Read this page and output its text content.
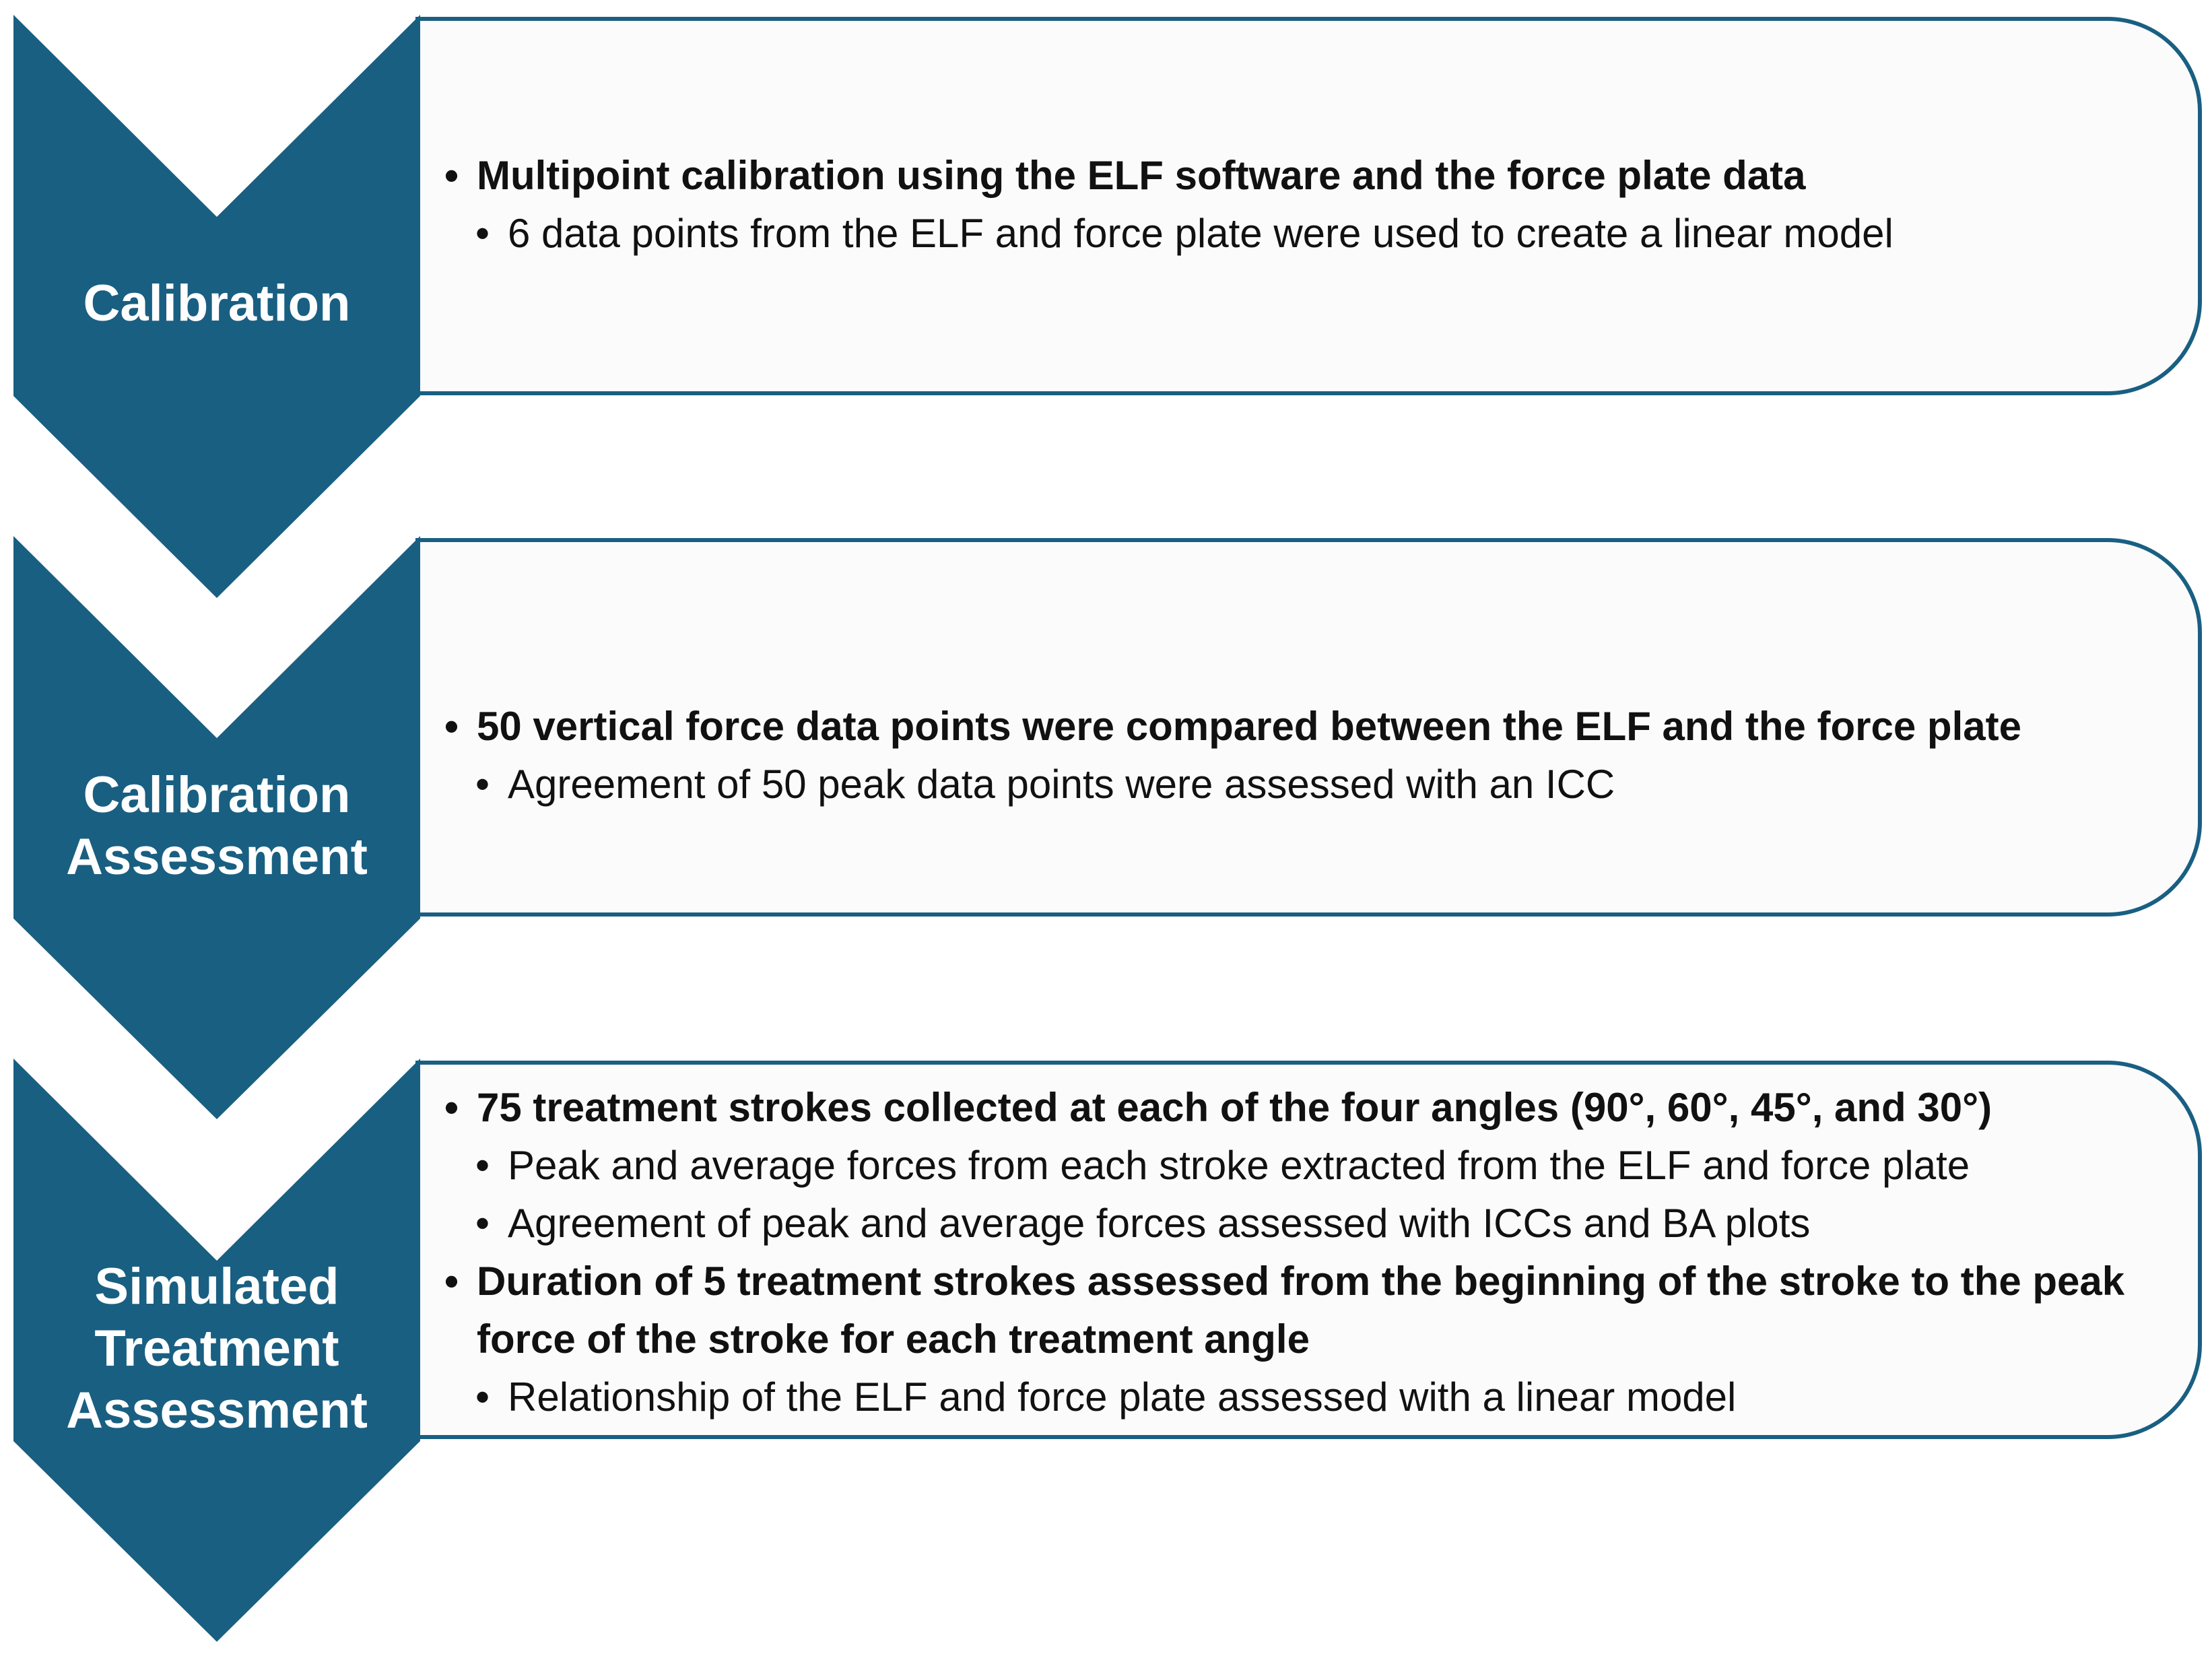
Calibration
• Multipoint calibration using the ELF software and the force plate data
• 6 data points from the ELF and force plate were used to create a linear model
Calibration
Assessment
• 50 vertical force data points were compared between the ELF and the force plate
• Agreement of 50 peak data points were assessed with an ICC
Simulated
Treatment
Assessment
• 75 treatment strokes collected at each of the four angles (90°, 60°, 45°, and 30°)
• Peak and average forces from each stroke extracted from the ELF and force plate
• Agreement of peak and average forces assessed with ICCs and BA plots
• Duration of 5 treatment strokes assessed from the beginning of the stroke to the peak force of the stroke for each treatment angle
• Relationship of the ELF and force plate assessed with a linear model
